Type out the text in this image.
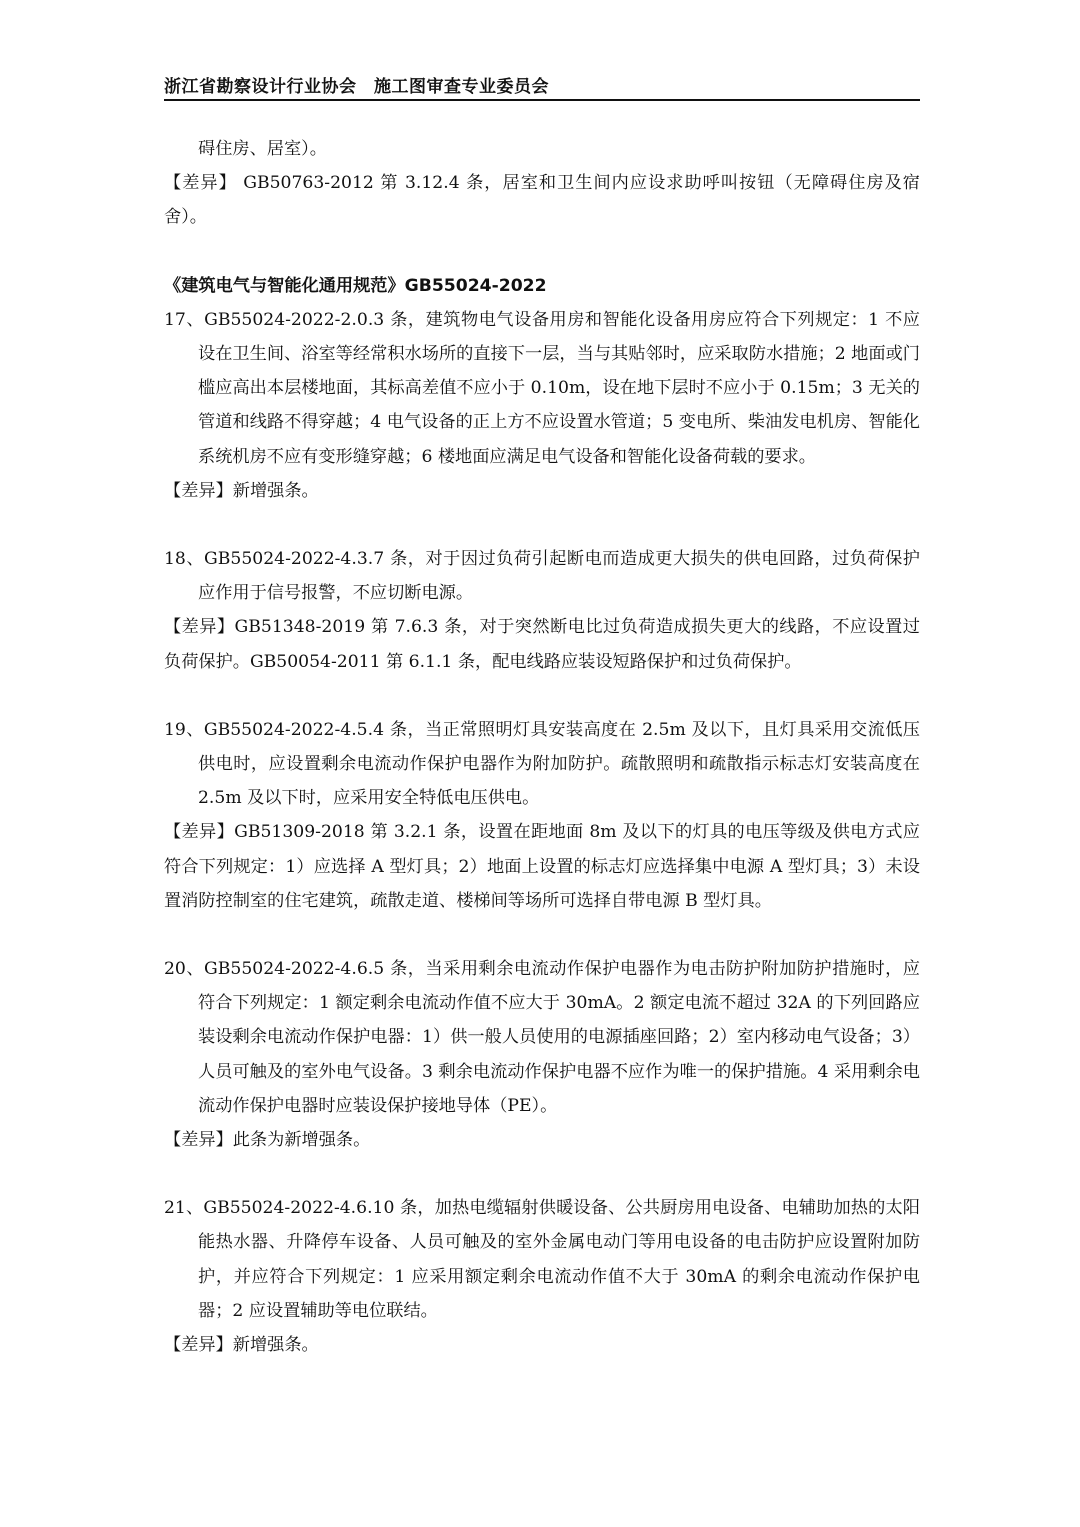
浙江省勘察设计行业协会　施工图审查专业委员会

碍住房、居室）。

【差异】 GB50763-2012 第 3.12.4 条，居室和卫生间内应设求助呼叫按钮（无障碍住房及宿舍）。

《建筑电气与智能化通用规范》GB55024-2022

17、GB55024-2022-2.0.3 条，建筑物电气设备用房和智能化设备用房应符合下列规定：1 不应设在卫生间、浴室等经常积水场所的直接下一层，当与其贴邻时，应采取防水措施；2 地面或门槛应高出本层楼地面，其标高差值不应小于 0.10m，设在地下层时不应小于 0.15m；3 无关的管道和线路不得穿越；4 电气设备的正上方不应设置水管道；5 变电所、柴油发电机房、智能化系统机房不应有变形缝穿越；6 楼地面应满足电气设备和智能化设备荷载的要求。

【差异】新增强条。

18、GB55024-2022-4.3.7 条，对于因过负荷引起断电而造成更大损失的供电回路，过负荷保护应作用于信号报警，不应切断电源。

【差异】GB51348-2019 第 7.6.3 条，对于突然断电比过负荷造成损失更大的线路，不应设置过负荷保护。GB50054-2011 第 6.1.1 条，配电线路应装设短路保护和过负荷保护。

19、GB55024-2022-4.5.4 条，当正常照明灯具安装高度在 2.5m 及以下，且灯具采用交流低压供电时，应设置剩余电流动作保护电器作为附加防护。疏散照明和疏散指示标志灯安装高度在 2.5m 及以下时，应采用安全特低电压供电。

【差异】GB51309-2018 第 3.2.1 条，设置在距地面 8m 及以下的灯具的电压等级及供电方式应符合下列规定：1）应选择 A 型灯具；2）地面上设置的标志灯应选择集中电源 A 型灯具；3）未设置消防控制室的住宅建筑，疏散走道、楼梯间等场所可选择自带电源 B 型灯具。

20、GB55024-2022-4.6.5 条，当采用剩余电流动作保护电器作为电击防护附加防护措施时，应符合下列规定：1 额定剩余电流动作值不应大于 30mA。2 额定电流不超过 32A 的下列回路应装设剩余电流动作保护电器：1）供一般人员使用的电源插座回路；2）室内移动电气设备；3）人员可触及的室外电气设备。3 剩余电流动作保护电器不应作为唯一的保护措施。4 采用剩余电流动作保护电器时应装设保护接地导体（PE）。

【差异】此条为新增强条。

21、GB55024-2022-4.6.10 条，加热电缆辐射供暖设备、公共厨房用电设备、电辅助加热的太阳能热水器、升降停车设备、人员可触及的室外金属电动门等用电设备的电击防护应设置附加防护，并应符合下列规定：1 应采用额定剩余电流动作值不大于 30mA 的剩余电流动作保护电器；2 应设置辅助等电位联结。

【差异】新增强条。
